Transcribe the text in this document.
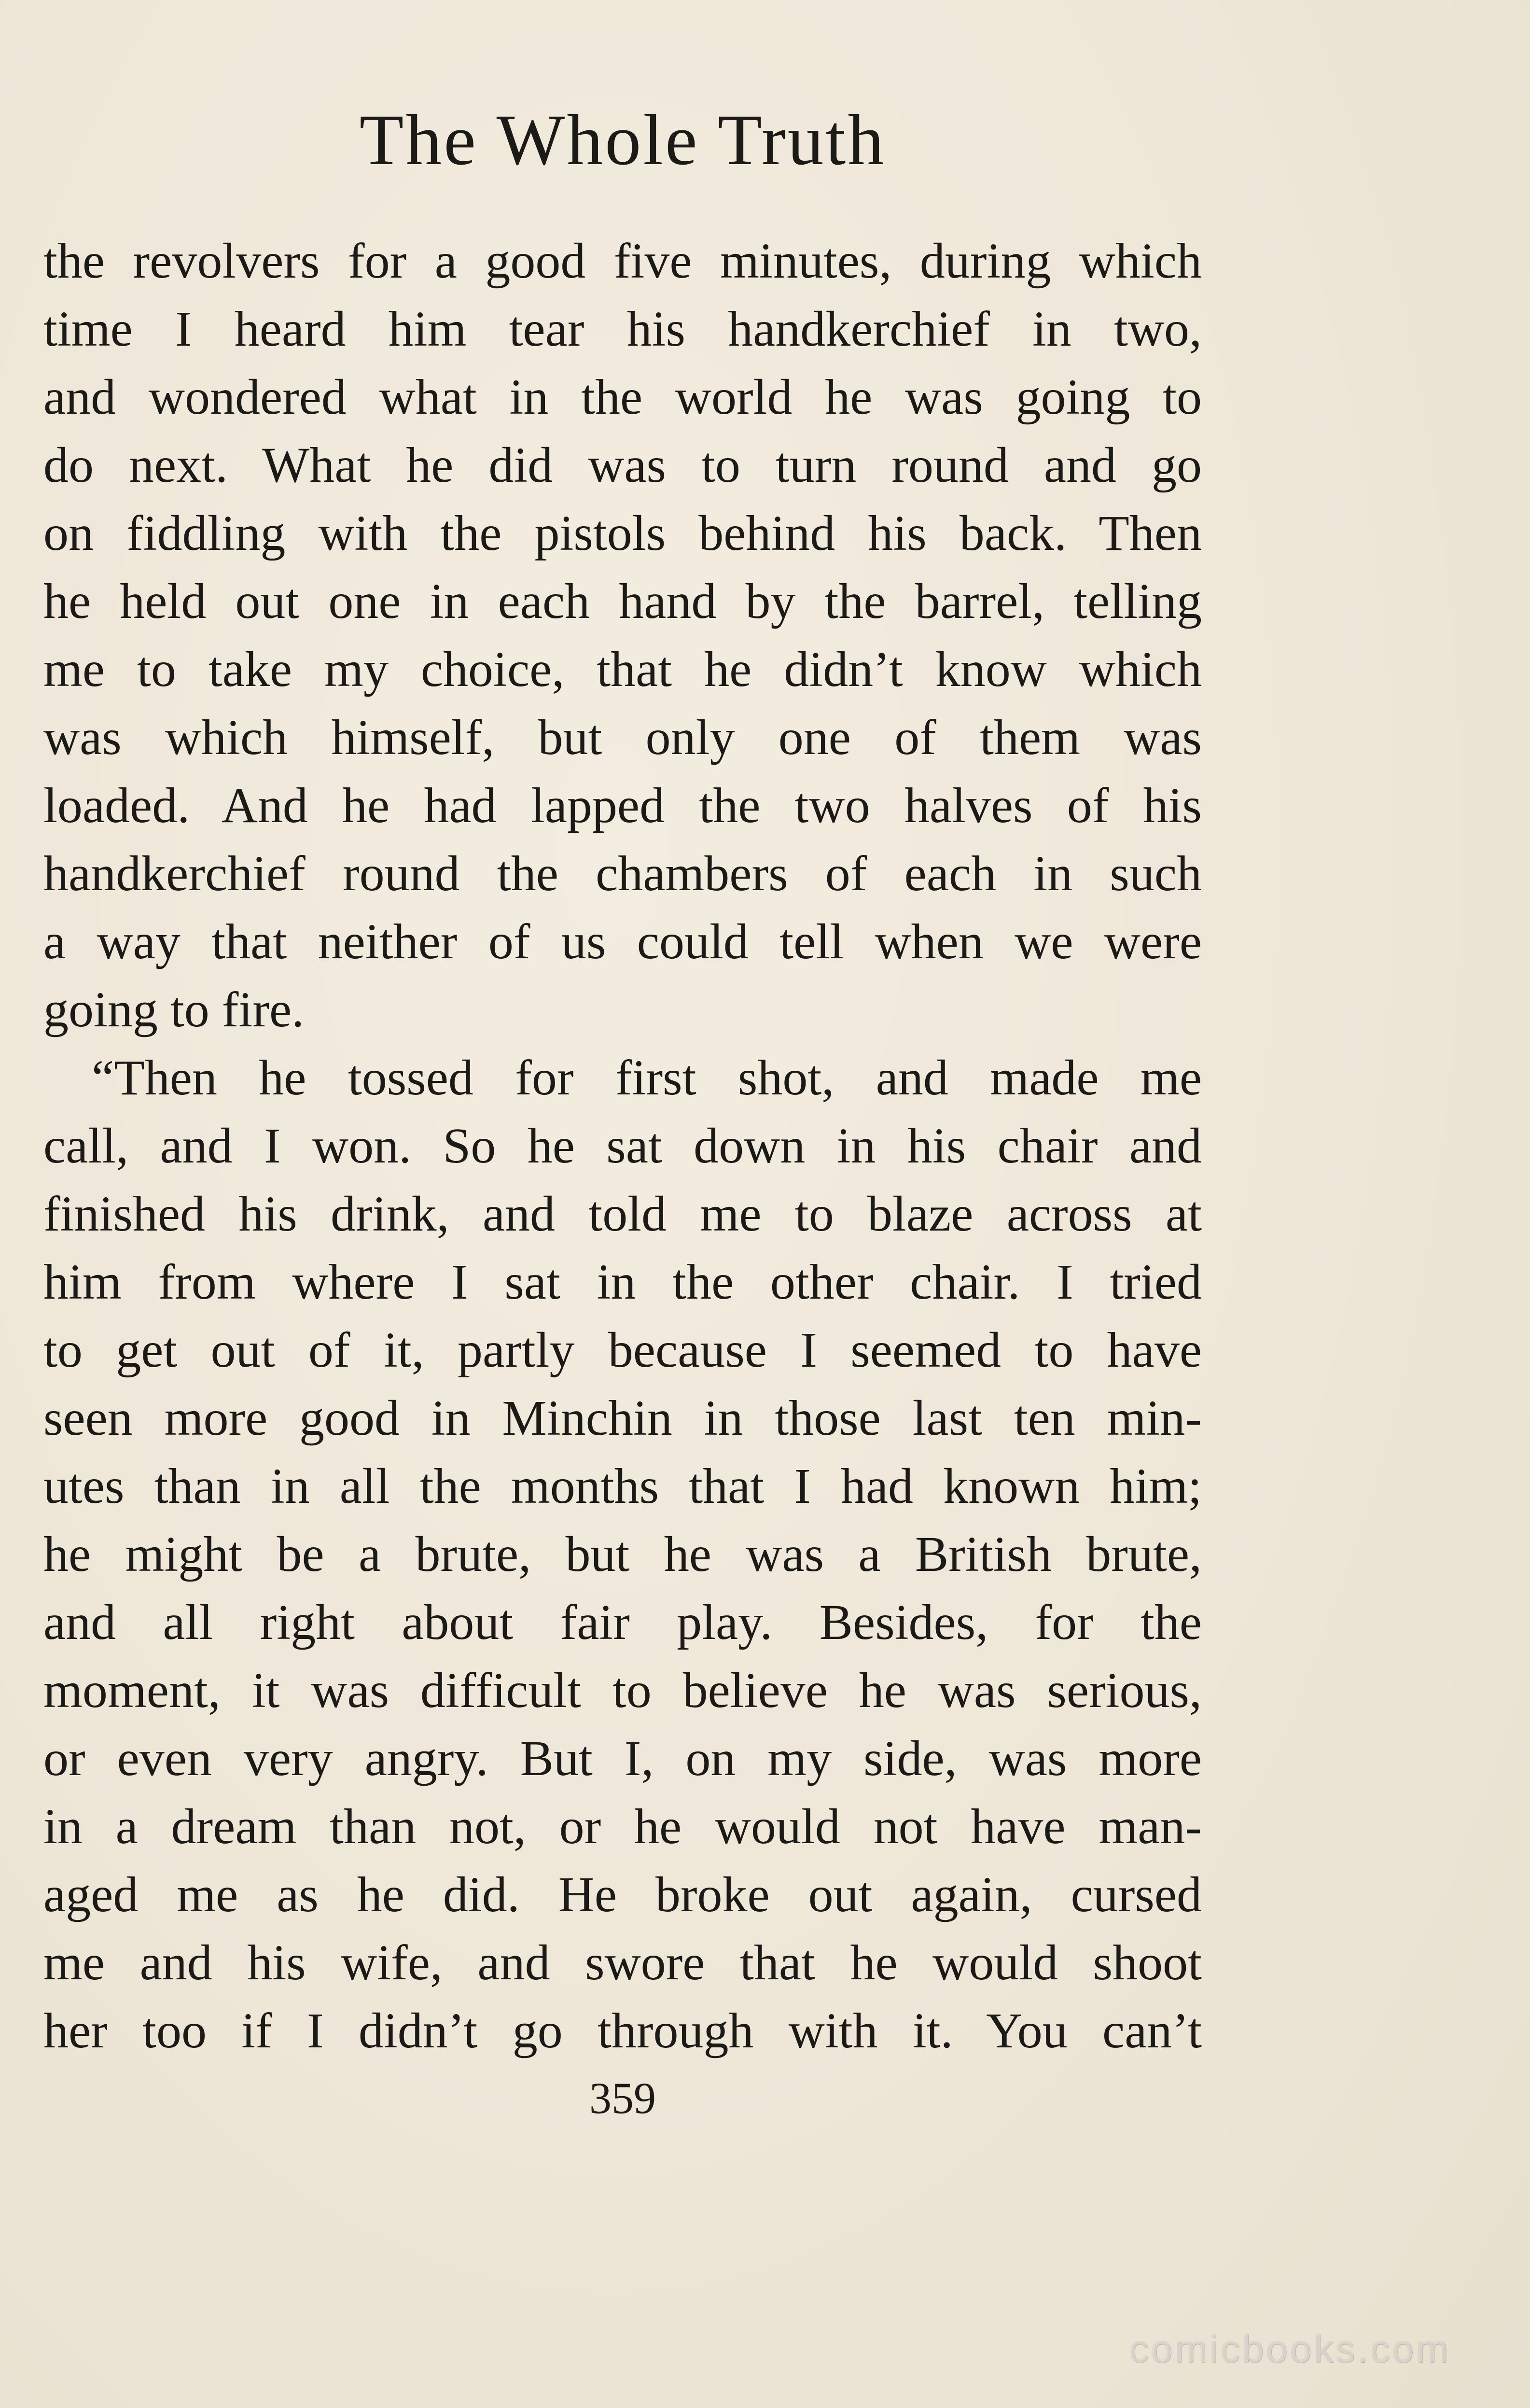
The Whole Truth
the revolvers for a good five minutes, during which
time I heard him tear his handkerchief in two,
and wondered what in the world he was going to
do next. What he did was to turn round and go
on fiddling with the pistols behind his back. Then
he held out one in each hand by the barrel, telling
me to take my choice, that he didn’t know which
was which himself, but only one of them was
loaded. And he had lapped the two halves of his
handkerchief round the chambers of each in such
a way that neither of us could tell when we were
going to fire.
“Then he tossed for first shot, and made me
call, and I won. So he sat down in his chair and
finished his drink, and told me to blaze across at
him from where I sat in the other chair. I tried
to get out of it, partly because I seemed to have
seen more good in Minchin in those last ten min-
utes than in all the months that I had known him;
he might be a brute, but he was a British brute,
and all right about fair play. Besides, for the
moment, it was difficult to believe he was serious,
or even very angry. But I, on my side, was more
in a dream than not, or he would not have man-
aged me as he did. He broke out again, cursed
me and his wife, and swore that he would shoot
her too if I didn’t go through with it. You can’t
359
comicbooks.com
